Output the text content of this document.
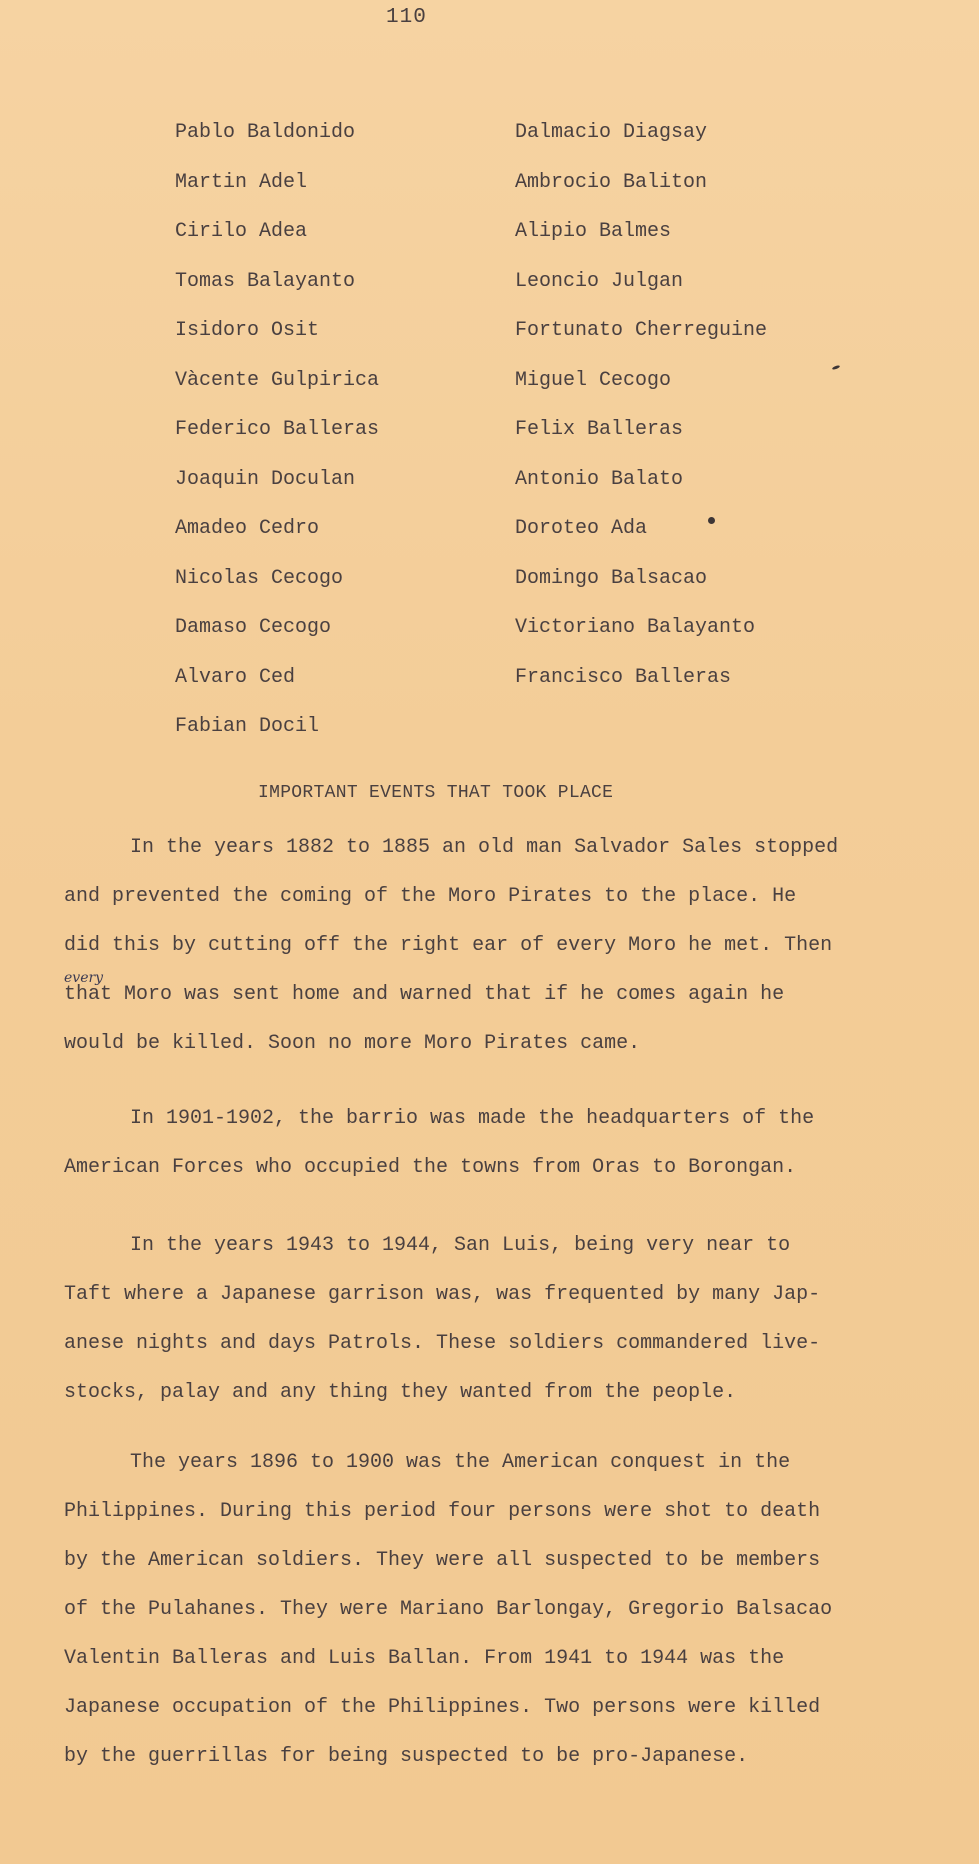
110
Pablo Baldonido
Martin Adel
Cirilo Adea
Tomas Balayanto
Isidoro Osit
Vàcente Gulpirica
Federico Balleras
Joaquin Doculan
Amadeo Cedro
Nicolas Cecogo
Damaso Cecogo
Alvaro Ced
Fabian Docil
Dalmacio Diagsay
Ambrocio Baliton
Alipio Balmes
Leoncio Julgan
Fortunato Cherreguine
Miguel Cecogo
Felix Balleras
Antonio Balato
Doroteo Ada
Domingo Balsacao
Victoriano Balayanto
Francisco Balleras
IMPORTANT EVENTS THAT TOOK PLACE
every
In the years 1882 to 1885 an old man Salvador Sales stopped
and prevented the coming of the Moro Pirates to the place. He
did this by cutting off the right ear of every Moro he met. Then
that Moro was sent home and warned that if he comes again he
would be killed. Soon no more Moro Pirates came.
In 1901-1902, the barrio was made the headquarters of the
American Forces who occupied the towns from Oras to Borongan.
In the years 1943 to 1944, San Luis, being very near to
Taft where a Japanese garrison was, was frequented by many Jap-
anese nights and days Patrols. These soldiers commandered live-
stocks, palay and any thing they wanted from the people.
The years 1896 to 1900 was the American conquest in the
Philippines. During this period four persons were shot to death
by the American soldiers. They were all suspected to be members
of the Pulahanes. They were Mariano Barlongay, Gregorio Balsacao
Valentin Balleras and Luis Ballan. From 1941 to 1944 was the
Japanese occupation of the Philippines. Two persons were killed
by the guerrillas for being suspected to be pro-Japanese.
